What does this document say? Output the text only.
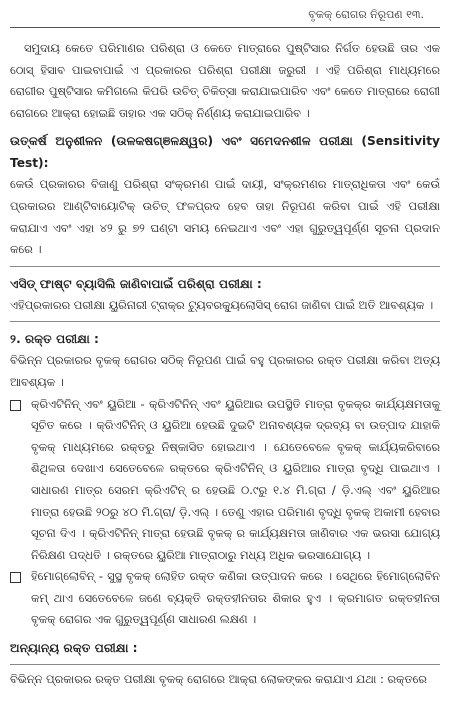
ବୃକକ୍ ରୋଗର ନିରୂପଣ ୧୩.

ସମୁଦାୟ କେତେ ପରିମାଣର ପରିଶ୍ରା ଓ କେତେ ମାତ୍ରାରେ ପୁଷ୍ଟିସାର ନିର୍ଗତ ହେଉଛି ତାର ଏକ ଠୋସ୍ ହିସାବ ପାଇବାପାଇଁ ଏ ପ୍ରକାରର ପରିଶ୍ରା ପରୀକ୍ଷା ଜରୁରୀ । ଏହି ପରିଶ୍ରା ମାଧ୍ୟମରେ ରୋଗୀର ପୁଷ୍ଟିସାର କମିଗଲେ କିପରି ଉଚିତ୍ ଚିକିତ୍ସା କରାଯାଇପାରିବ ଏବଂ କେତେ ମାତ୍ରାରେ ରୋଗୀ ରୋଗରେ ଆକ୍ରା ହୋଇଛି ତାହାର ଏକ ସଠିକ୍ ନିର୍ଣ୍ଣୟ କରାଯାଇପାରିବ ।

ଉତ୍କର୍ଷ ଅନୁଶୀଳନ (ଉଳକଷଗ୍ଞଳକ୍ଷ୍ୱର) ଏବଂ ସମେଦନଶୀଳ ପରୀକ୍ଷା (Sensitivity Test):

କେଉଁ ପ୍ରକାରର ବିଜାଣୁ ପରିଶ୍ରା ସଂକ୍ରମଣ ପାଇଁ ଦାୟୀ, ସଂକ୍ରମଣର ମାତ୍ରାଧିକତା ଏବଂ କେଉଁ ପ୍ରକାରର ଆଣ୍ଟିବାୟୋଟିକ୍ ଉଚିତ୍ ଫଳପ୍ରଦ ହେବ ତାହା ନିରୂପଣ କରିବା ପାଇଁ ଏହି ପରୀକ୍ଷା କରାଯାଏ ଏବଂ ଏହା ୪୨ ରୁ ୭୨ ଘଣ୍ଟା ସମୟ ନେଇଥାଏ ଏବଂ ଏହା ଗୁରୁତ୍ୱପୂର୍ଣ୍ଣ ସୂଚନା ପ୍ରଦାନ କରେ ।

ଏସିଡ୍ ଫାଷ୍ଟ ବ୍ୟାସିଲି ଜାଣିବାପାଇଁ ପରିଶ୍ରା ପରୀକ୍ଷା :

ଏହିପ୍ରକାରର ପରୀକ୍ଷା ୟୁରିନାରୀ ଟ୍ରାକ୍ର ଟ୍ୟୁବରକ୍ୟୁଲୋସିସ୍ ରୋଗ ଜାଣିବା ପାଇଁ ଅତି ଆବଶ୍ୟକ ।

୨. ରକ୍ତ ପରୀକ୍ଷା :

ବିଭିନ୍ନ ପ୍ରକାରର ବୃକକ୍ ରୋଗର ସଠିକ୍ ନିରୂପଣ ପାଇଁ ବହୁ ପ୍ରକାରର ରକ୍ତ ପରୀକ୍ଷା କରିବା ଅତ୍ୟ ଆବଶ୍ୟକ ।

କ୍ରିଏଟିନିନ୍ ଏବଂ ୟୁରିଆ - କ୍ରିଏଟିନିନ୍ ଏବଂ ୟୁରିଆର ଉପସ୍ଥିତି ମାତ୍ରା ବୃକକ୍ର କାର୍ଯ୍ୟକ୍ଷମତାକୁ ସୂଚିତ କରେ । କ୍ରିଏଟିନିନ୍ ଓ ୟୁରିଆ ହେଉଛି ଦୁଇଟି ଅନାବଶ୍ୟକ ଦ୍ରବ୍ୟ ବା ଉତ୍ପାଦ ଯାହାକି ବୃକକ୍ ମାଧ୍ୟମରେ ରକ୍ତରୁ ନିଷ୍କାସିତ ହୋଇଥାଏ । ଯେତେବେଳେ ବୃକକ୍ କାର୍ଯ୍ୟକରିବାରେ ଶିଥିଳତା ଦେଖାଏ ସେତେବେଳେ ରକ୍ତରେ କ୍ରିଏଟିନିନ୍ ଓ ୟୁରିଆର ମାତ୍ରା ବୃଦ୍ଧି ପାଇଥାଏ । ସାଧାରଣ ମାତ୍ର ସେରମ କ୍ରିଏଟିନ୍ ର ହେଉଛି ୦.୯ରୁ ୧.୪ ମି.ଗ୍ରା / ଡ଼ି.ଏଲ୍ ଏବଂ ୟୁରିଆର ମାତ୍ରା ହେଉଛି ୨୦ରୁ ୪୦ ମି.ଗ୍ରା/ ଡ଼ି.ଏଲ୍ । ତେଣୁ ଏହାର ପରିମାଣ ବୃଦ୍ଧି ବୃକକ୍ ଅକାମୀ ହେବାର ସୂଚନା ଦିଏ । କ୍ରିଏଟିନିନ୍ ମାତ୍ରା ହେଉଛି ବୃକକ୍ ର କାର୍ଯ୍ୟକ୍ଷମତା ଜାଣିବାର ଏକ ଭରସା ଯୋଗ୍ୟ ନିରିକ୍ଷଣ ପଦ୍ଧତି । ରକ୍ତରେ ୟୁରିଆ ମାତ୍ରାଠାରୁ ମଧ୍ୟ ଅଧିକ ଭରସାଯୋଗ୍ୟ ।

ହିମୋଗ୍ଲୋବିନ୍ - ସୁସ୍ଥ ବୃକକ୍ ଲୋହିତ ରକ୍ତ କଣିକା ଉତ୍ପାଦନ କରେ । ସେଥିରେ ହିମୋଗ୍ଲୋବିନ କମ୍ ଥାଏ ସେତେବେଳେ ଜଣେ ବ୍ୟକ୍ତି ରକ୍ତହୀନତାର ଶିକାର ହୁଏ । କ୍ରମାଗତ ରକ୍ତହୀନତା ବୃକକ୍ ରୋଗର ଏକ ଗୁରୁତ୍ୱପୂର୍ଣ୍ଣ ସାଧାରଣ ଲକ୍ଷଣ ।

ଅନ୍ୟାନ୍ୟ ରକ୍ତ ପରୀକ୍ଷା :

ବିଭିନ୍ନ ପ୍ରକାରର ରକ୍ତ ପରୀକ୍ଷା ବୃକକ୍ ରୋଗରେ ଆକ୍ରା ଲୋକଙ୍କର କରାଯାଏ ଯଥା : ରକ୍ତରେ
